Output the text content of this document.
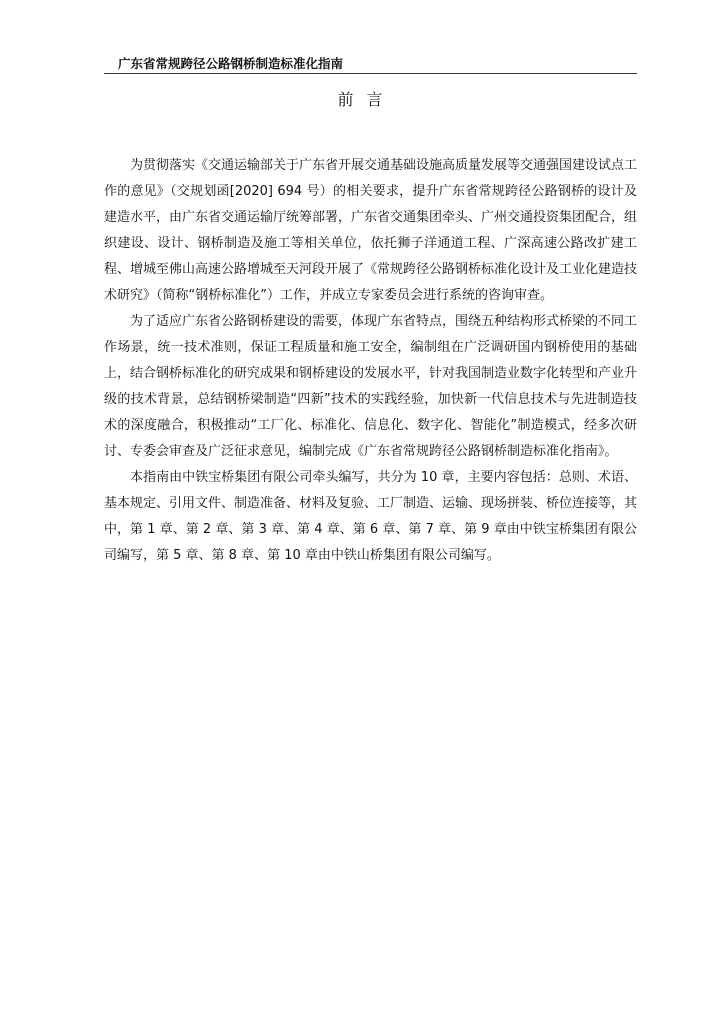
广东省常规跨径公路钢桥制造标准化指南
前 言

为贯彻落实《交通运输部关于广东省开展交通基础设施高质量发展等交通强国建设试点工作的意见》（交规划函[2020] 694 号）的相关要求，提升广东省常规跨径公路钢桥的设计及建造水平，由广东省交通运输厅统筹部署，广东省交通集团牵头、广州交通投资集团配合，组织建设、设计、钢桥制造及施工等相关单位，依托狮子洋通道工程、广深高速公路改扩建工程、增城至佛山高速公路增城至天河段开展了《常规跨径公路钢桥标准化设计及工业化建造技术研究》（简称“钢桥标准化”）工作，并成立专家委员会进行系统的咨询审查。

为了适应广东省公路钢桥建设的需要，体现广东省特点，围绕五种结构形式桥梁的不同工作场景，统一技术准则，保证工程质量和施工安全，编制组在广泛调研国内钢桥使用的基础上，结合钢桥标准化的研究成果和钢桥建设的发展水平，针对我国制造业数字化转型和产业升级的技术背景，总结钢桥梁制造“四新”技术的实践经验，加快新一代信息技术与先进制造技术的深度融合，积极推动“工厂化、标准化、信息化、数字化、智能化”制造模式，经多次研讨、专委会审查及广泛征求意见，编制完成《广东省常规跨径公路钢桥制造标准化指南》。

本指南由中铁宝桥集团有限公司牵头编写，共分为 10 章，主要内容包括：总则、术语、基本规定、引用文件、制造准备、材料及复验、工厂制造、运输、现场拼装、桥位连接等，其中，第 1 章、第 2 章、第 3 章、第 4 章、第 6 章、第 7 章、第 9 章由中铁宝桥集团有限公司编写，第 5 章、第 8 章、第 10 章由中铁山桥集团有限公司编写。
